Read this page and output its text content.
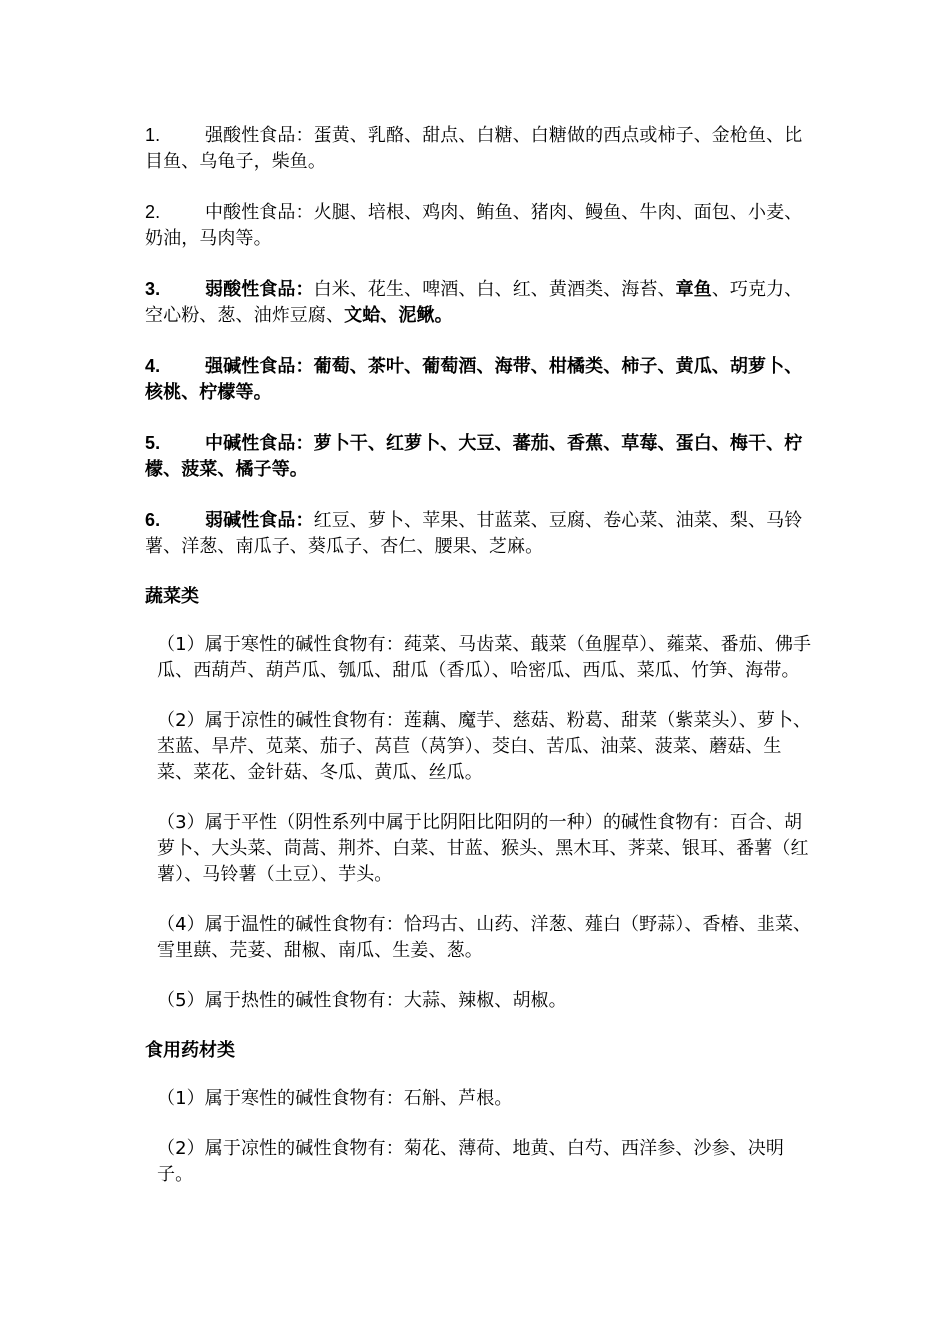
1. 强酸性食品：蛋黄、乳酪、甜点、白糖、白糖做的西点或柿子、金枪鱼、比目鱼、乌龟子，柴鱼。

2. 中酸性食品：火腿、培根、鸡肉、鲔鱼、猪肉、鳗鱼、牛肉、面包、小麦、奶油，马肉等。

3. 弱酸性食品：白米、花生、啤酒、白、红、黄酒类、海苔、章鱼、巧克力、空心粉、葱、油炸豆腐、文蛤、泥鳅。

4. 强碱性食品：葡萄、茶叶、葡萄酒、海带、柑橘类、柿子、黄瓜、胡萝卜、核桃、柠檬等。

5. 中碱性食品：萝卜干、红萝卜、大豆、蕃茄、香蕉、草莓、蛋白、梅干、柠檬、菠菜、橘子等。

6. 弱碱性食品：红豆、萝卜、苹果、甘蓝菜、豆腐、卷心菜、油菜、梨、马铃薯、洋葱、南瓜子、葵瓜子、杏仁、腰果、芝麻。

蔬菜类

（1）属于寒性的碱性食物有：莼菜、马齿菜、蕺菜（鱼腥草）、蕹菜、番茄、佛手瓜、西葫芦、葫芦瓜、瓠瓜、甜瓜（香瓜）、哈密瓜、西瓜、菜瓜、竹笋、海带。

（2）属于凉性的碱性食物有：莲藕、魔芋、慈菇、粉葛、甜菜（紫菜头）、萝卜、苤蓝、旱芹、苋菜、茄子、莴苣（莴笋）、茭白、苦瓜、油菜、菠菜、蘑菇、生菜、菜花、金针菇、冬瓜、黄瓜、丝瓜。

（3）属于平性（阴性系列中属于比阴阳比阳阴的一种）的碱性食物有：百合、胡萝卜、大头菜、茼蒿、荆芥、白菜、甘蓝、猴头、黑木耳、荠菜、银耳、番薯（红薯）、马铃薯（土豆）、芋头。

（4）属于温性的碱性食物有：恰玛古、山药、洋葱、薤白（野蒜）、香椿、韭菜、雪里蕻、芫荽、甜椒、南瓜、生姜、葱。

（5）属于热性的碱性食物有：大蒜、辣椒、胡椒。

食用药材类

（1）属于寒性的碱性食物有：石斛、芦根。

（2）属于凉性的碱性食物有：菊花、薄荷、地黄、白芍、西洋参、沙参、决明子。
